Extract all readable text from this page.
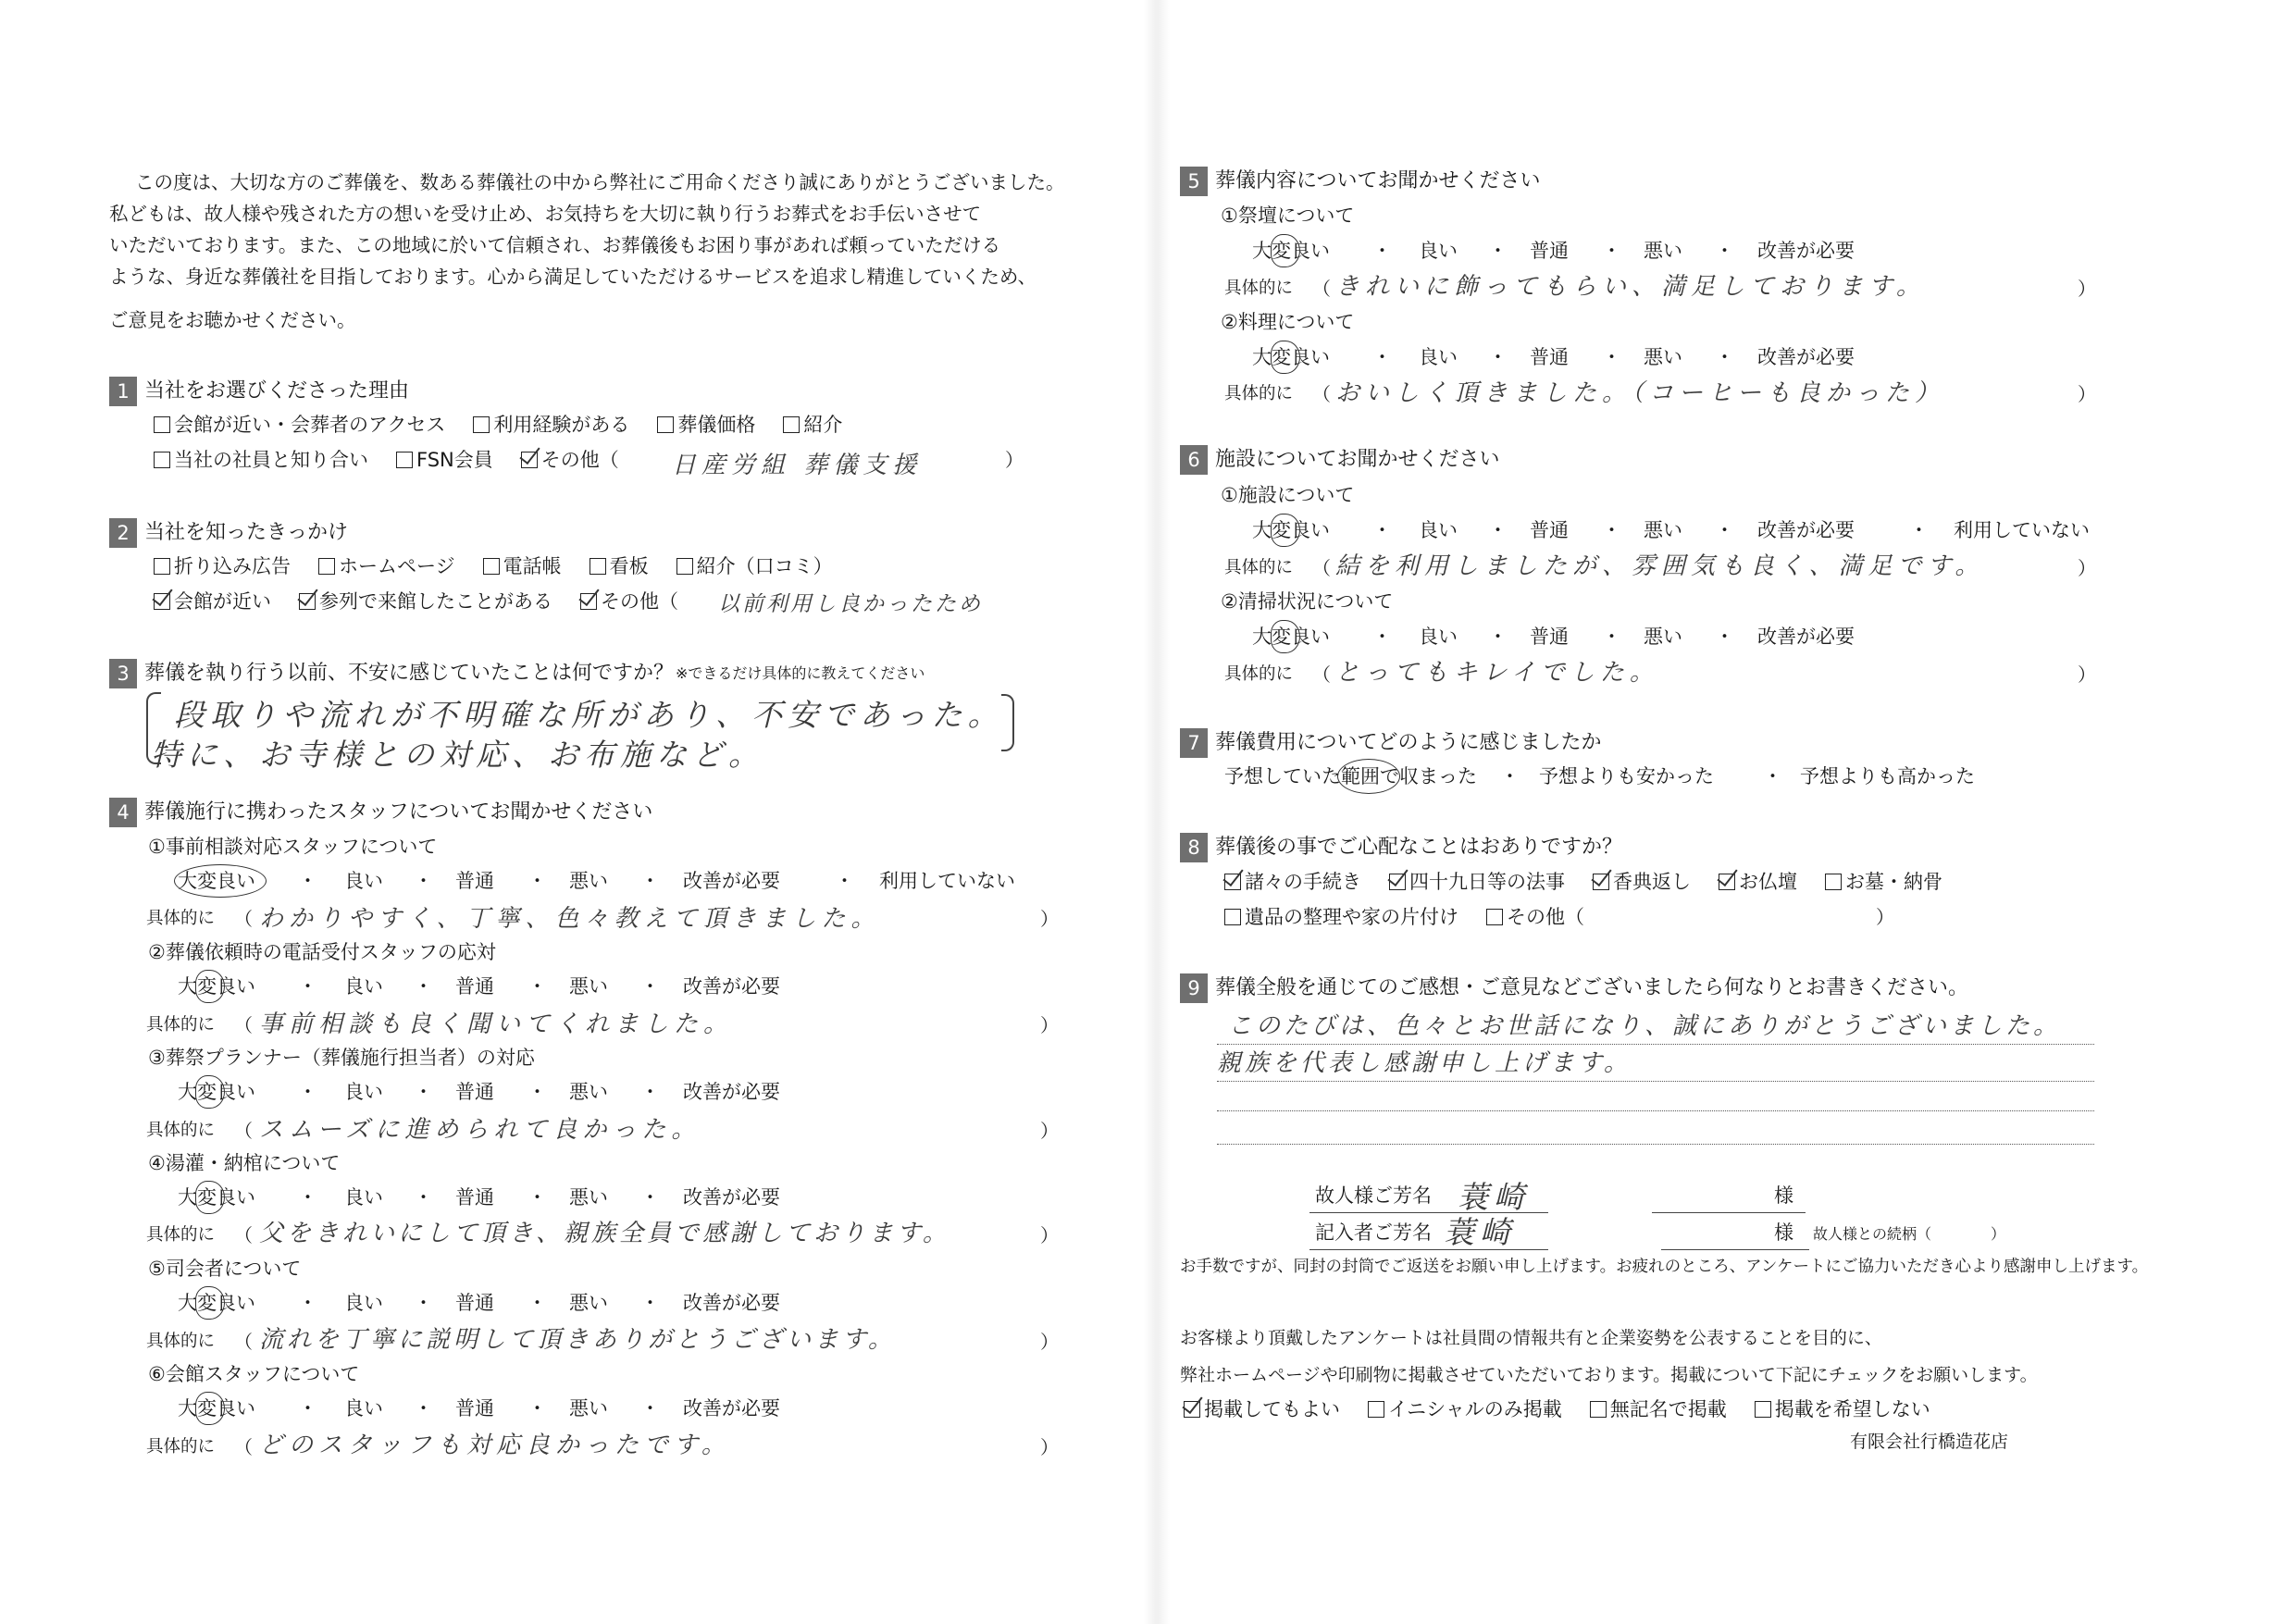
この度は、大切な方のご葬儀を、数ある葬儀社の中から弊社にご用命くださり誠にありがとうございました。
私どもは、故人様や残された方の想いを受け止め、お気持ちを大切に執り行うお葬式をお手伝いさせて
いただいております。また、この地域に於いて信頼され、お葬儀後もお困り事があれば頼っていただける
ような、身近な葬儀社を目指しております。心から満足していただけるサービスを追求し精進していくため、
ご意見をお聴かせください。
1 当社をお選びくださった理由
会館が近い・会葬者のアクセス 利用経験がある 葬儀価格 紹介
当社の社員と知り合い FSN会員 その他（ 日産労組 葬儀支援	）
2 当社を知ったきっかけ
折り込み広告 ホームページ 電話帳 看板 紹介（口コミ）
会館が近い 参列で来館したことがある その他（ 以前利用し良かったため
3 葬儀を執り行う以前、不安に感じていたことは何ですか？ ※できるだけ具体的に教えてください
段取りや流れが不明確な所があり、不安であった。
特に、お寺様との対応、お布施など。
4 葬儀施行に携わったスタッフについてお聞かせください
①事前相談対応スタッフについて
大変良い ・ 良い ・ 普通 ・ 悪い ・ 改善が必要	・ 利用していない
具体的に （	）
わかりやすく、丁寧、色々教えて頂きました。
②葬儀依頼時の電話受付スタッフの応対
大変良い ・ 良い ・ 普通 ・ 悪い ・ 改善が必要
具体的に （	）
事前相談も良く聞いてくれました。
③葬祭プランナー（葬儀施行担当者）の対応
大変良い ・ 良い ・ 普通 ・ 悪い ・ 改善が必要
具体的に （	）
スムーズに進められて良かった。
④湯灌・納棺について
大変良い ・ 良い ・ 普通 ・ 悪い ・ 改善が必要
具体的に （	）
父をきれいにして頂き、親族全員で感謝しております。
⑤司会者について
大変良い ・ 良い ・ 普通 ・ 悪い ・ 改善が必要
具体的に （	）
流れを丁寧に説明して頂きありがとうございます。
⑥会館スタッフについて
大変良い ・ 良い ・ 普通 ・ 悪い ・ 改善が必要
具体的に （	）
どのスタッフも対応良かったです。
5 葬儀内容についてお聞かせください
①祭壇について
大変良い ・ 良い ・ 普通 ・ 悪い ・ 改善が必要
具体的に （	）
きれいに飾ってもらい、満足しております。
②料理について
大変良い ・ 良い ・ 普通 ・ 悪い ・ 改善が必要
具体的に （	）
おいしく頂きました。（コーヒーも良かった）
6 施設についてお聞かせください
①施設について
大変良い ・ 良い ・ 普通 ・ 悪い ・ 改善が必要	・ 利用していない
具体的に （	）
結を利用しましたが、雰囲気も良く、満足です。
②清掃状況について
大変良い ・ 良い ・ 普通 ・ 悪い ・ 改善が必要
具体的に （	）
とってもキレイでした。
7 葬儀費用についてどのように感じましたか
予想していた範囲で収まった ・ 予想よりも安かった	・ 予想よりも高かった
8 葬儀後の事でご心配なことはおありですか？
諸々の手続き 四十九日等の法事 香典返し お仏壇 お墓・納骨
遺品の整理や家の片付け その他（	）
9 葬儀全般を通じてのご感想・ご意見などございましたら何なりとお書きください。
このたびは、色々とお世話になり、誠にありがとうございました。
親族を代表し感謝申し上げます。
故人様ご芳名 蓑崎	様
記入者ご芳名 蓑崎	様 故人様との続柄（　　　　）
お手数ですが、同封の封筒でご返送をお願い申し上げます。お疲れのところ、アンケートにご協力いただき心より感謝申し上げます。
お客様より頂戴したアンケートは社員間の情報共有と企業姿勢を公表することを目的に、
弊社ホームページや印刷物に掲載させていただいております。掲載について下記にチェックをお願いします。
掲載してもよい イニシャルのみ掲載 無記名で掲載 掲載を希望しない
有限会社行橋造花店
